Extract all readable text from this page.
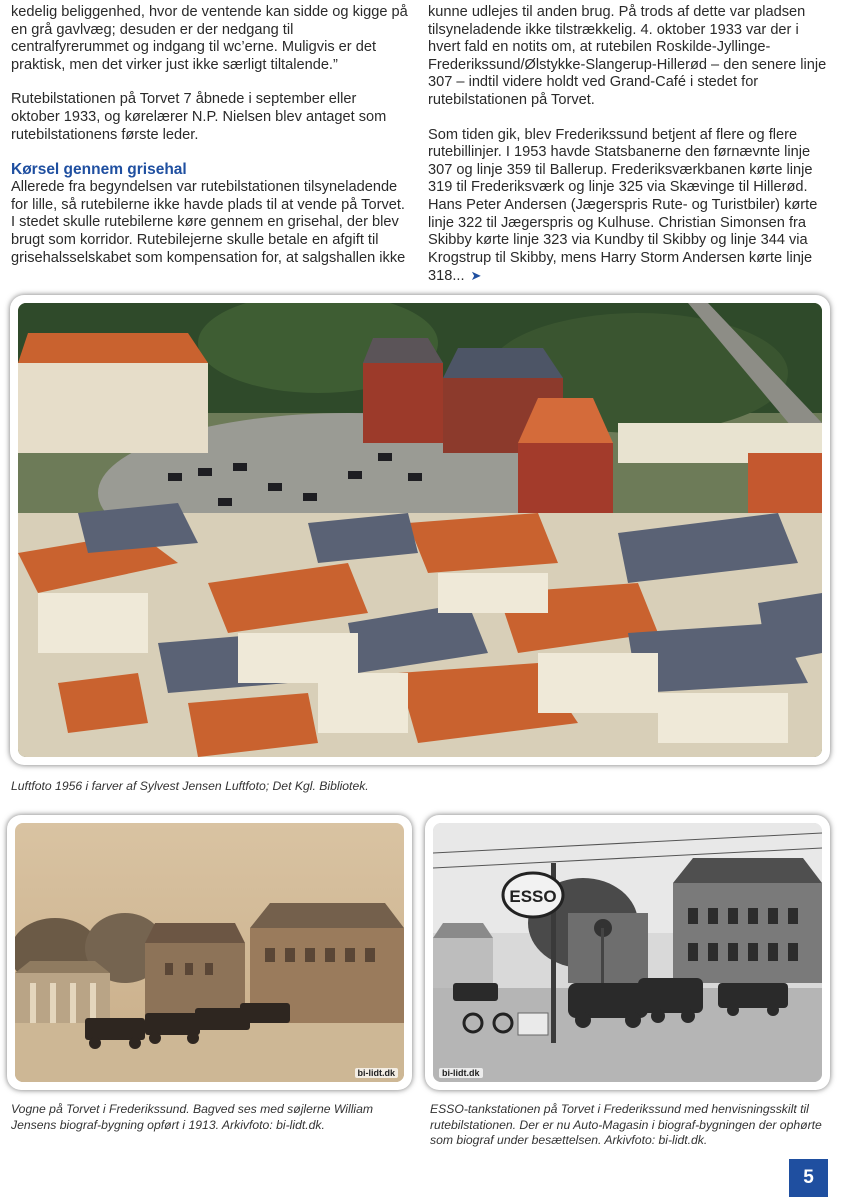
kedelig beliggenhed, hvor de ventende kan sidde og kigge på en grå gavlvæg; desuden er der nedgang til centralfyrerummet og indgang til wc’erne. Muligvis er det praktisk, men det virker just ikke særligt tiltalende.”

Rutebilstationen på Torvet 7 åbnede i september eller oktober 1933, og kørelærer N.P. Nielsen blev antaget som rutebilstationens første leder.

Kørsel gennem grisehal

Allerede fra begyndelsen var rutebilstationen tilsyneladende for lille, så rutebilerne ikke havde plads til at vende på Torvet. I stedet skulle rutebilerne køre gennem en grisehal, der blev brugt som korridor. Rutebilejerne skulle betale en afgift til grisehalsselskabet som kompensation for, at salgshallen ikke

kunne udlejes til anden brug. På trods af dette var pladsen tilsyneladende ikke tilstrækkelig. 4. oktober 1933 var der i hvert fald en notits om, at rutebilen Roskilde-Jyllinge-Frederikssund/Ølstykke-Slangerup-Hillerød – den senere linje 307 – indtil videre holdt ved Grand-Café i stedet for rutebilstationen på Torvet.

Som tiden gik, blev Frederikssund betjent af flere og flere rutebillinjer. I 1953 havde Statsbanerne den førnævnte linje 307 og linje 359 til Ballerup. Frederiksværkbanen kørte linje 319 til Frederiksværk og linje 325 via Skævinge til Hillerød. Hans Peter Andersen (Jægerspris Rute- og Turistbiler) kørte linje 322 til Jægerspris og Kulhuse. Christian Simonsen fra Skibby kørte linje 323 via Kundby til Skibby og linje 344 via Krogstrup til Skibby, mens Harry Storm Andersen kørte linje 318... ➤

Luftfoto 1956 i farver af Sylvest Jensen Luftfoto; Det Kgl. Bibliotek.
bi-lidt.dk
Vogne på Torvet i Frederikssund. Bagved ses med søjlerne William Jensens biograf-bygning opført i 1913. Arkivfoto: bi-lidt.dk.
ESSO
bi-lidt.dk
ESSO-tankstationen på Torvet i Frederikssund med henvisningsskilt til rutebilstationen. Der er nu Auto-Magasin i biograf-bygningen der ophørte som biograf under besættelsen. Arkivfoto: bi-lidt.dk.
5
